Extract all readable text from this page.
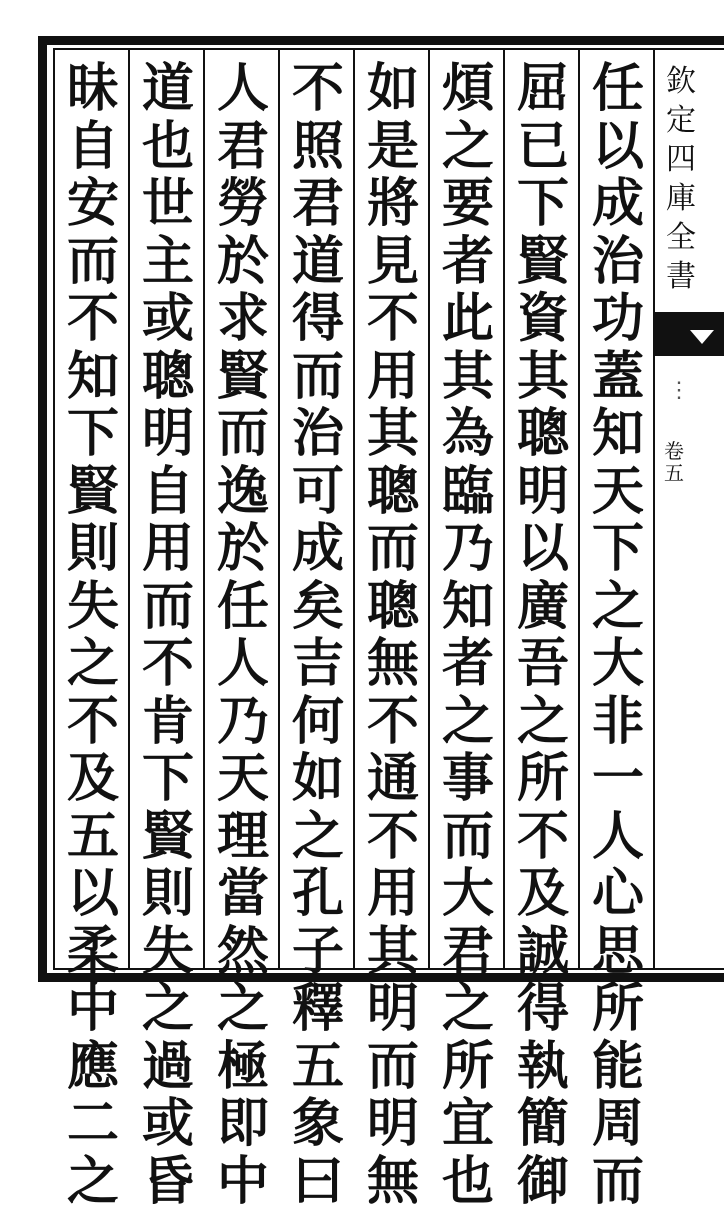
任
以
成
治
功
蓋
知
天
下
之
大
非
一
人
心
思
所
能
周
而
屈
已
下
賢
資
其
聰
明
以
廣
吾
之
所
不
及
誠
得
執
簡
御
煩
之
要
者
此
其
為
臨
乃
知
者
之
事
而
大
君
之
所
宜
也
如
是
將
見
不
用
其
聰
而
聰
無
不
通
不
用
其
明
而
明
無
不
照
君
道
得
而
治
可
成
矣
吉
何
如
之
孔
子
釋
五
象
曰
人
君
勞
於
求
賢
而
逸
於
任
人
乃
天
理
當
然
之
極
即
中
道
也
世
主
或
聰
明
自
用
而
不
肯
下
賢
則
失
之
過
或
昏
昧
自
安
而
不
知
下
賢
則
失
之
不
及
五
以
柔
中
應
二
之
欽
定
四
庫
全
書
⋮
卷
五
